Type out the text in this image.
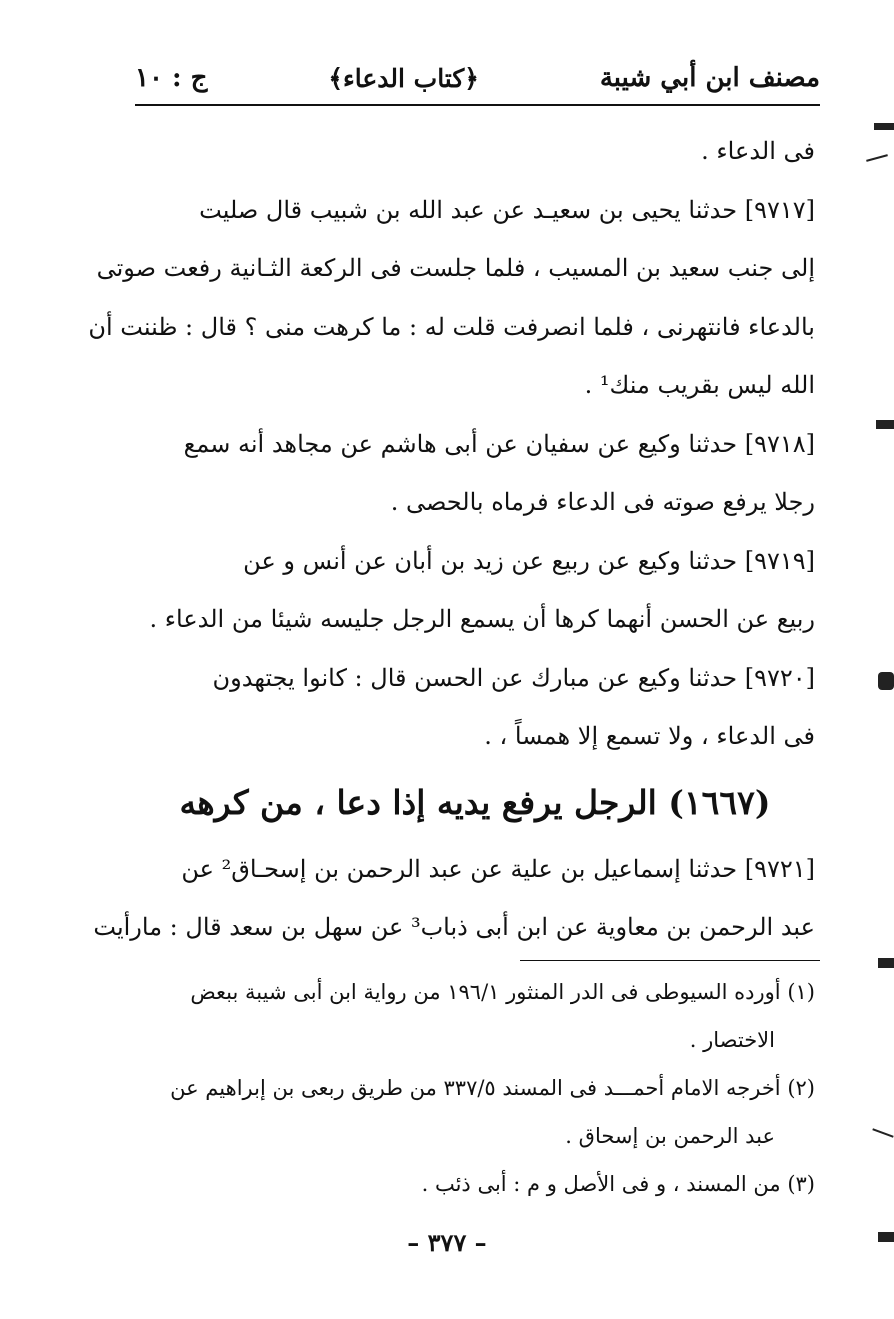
مصنف ابن أبي شيبة
﴿كتاب الدعاء﴾
ج : ١٠

فى الدعاء .

[٩٧١٧] حدثنا يحيى بن سعيـد عن عبد الله بن شبيب قال صليت
إلى جنب سعيد بن المسيب ، فلما جلست فى الركعة الثـانية رفعت صوتى
بالدعاء فانتهرنى ، فلما انصرفت قلت له : ما كرهت منى ؟ قال : ظننت أن
الله ليس بقريب منك¹ .

[٩٧١٨] حدثنا وكيع عن سفيان عن أبى هاشم عن مجاهد أنه سمع
رجلا يرفع صوته فى الدعاء فرماه بالحصى .

[٩٧١٩] حدثنا وكيع عن ربيع عن زيد بن أبان عن أنس و عن
ربيع عن الحسن أنهما كرها أن يسمع الرجل جليسه شيئا من الدعاء .

[٩٧٢٠] حدثنا وكيع عن مبارك عن الحسن قال : كانوا يجتهدون
فى الدعاء ، ولا تسمع إلا همساً ، .

(١٦٦٧) الرجل يرفع يديه إذا دعا ، من كرهه

[٩٧٢١] حدثنا إسماعيل بن علية عن عبد الرحمن بن إسحـاق² عن
عبد الرحمن بن معاوية عن ابن أبى ذباب³ عن سهل بن سعد قال : مارأيت

(١) أورده السيوطى فى الدر المنثور ١٩٦/١ من رواية ابن أبى شيبة ببعض
الاختصار .

(٢) أخرجه الامام أحمـــد فى المسند ٣٣٧/٥ من طريق ربعى بن إبراهيم عن
عبد الرحمن بن إسحاق .

(٣) من المسند ، و فى الأصل و م : أبى ذئب .

– ٣٧٧ –
